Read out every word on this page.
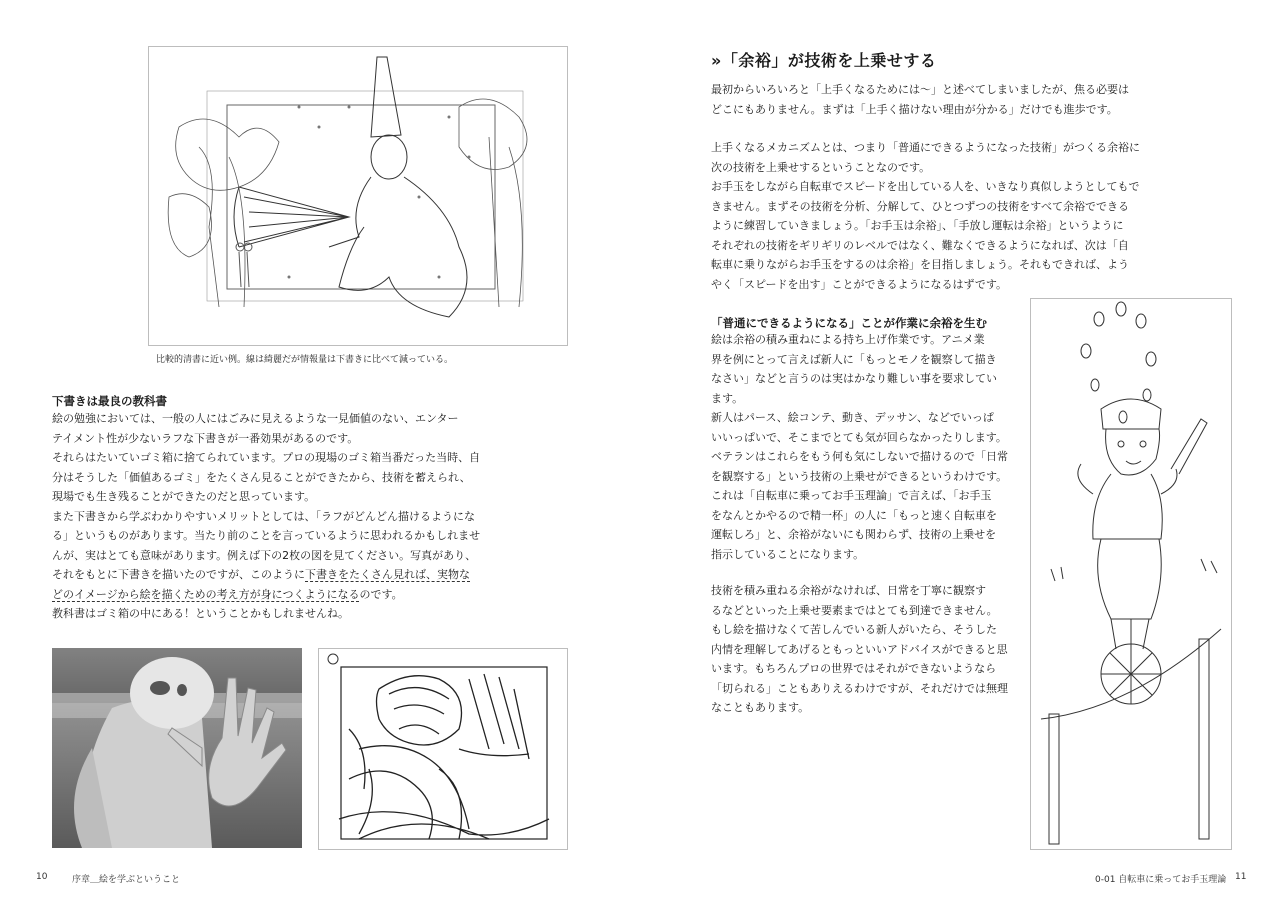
比較的清書に近い例。線は綺麗だが情報量は下書きに比べて減っている。
下書きは最良の教科書

絵の勉強においては、一般の人にはごみに見えるような一見価値のない、エンター

テイメント性が少ないラフな下書きが一番効果があるのです。

それらはたいていゴミ箱に捨てられています。プロの現場のゴミ箱当番だった当時、自

分はそうした「価値あるゴミ」をたくさん見ることができたから、技術を蓄えられ、

現場でも生き残ることができたのだと思っています。

また下書きから学ぶわかりやすいメリットとしては、「ラフがどんどん描けるようにな

る」というものがあります。当たり前のことを言っているように思われるかもしれませ

んが、実はとても意味があります。例えば下の2枚の図を見てください。写真があり、

それをもとに下書きを描いたのですが、このように下書きをたくさん見れば、実物な

どのイメージから絵を描くための考え方が身につくようになるのです。

教科書はゴミ箱の中にある！ということかもしれませんね。

10	序章＿絵を学ぶということ
»「余裕」が技術を上乗せする

最初からいろいろと「上手くなるためには〜」と述べてしまいましたが、焦る必要は

どこにもありません。まずは「上手く描けない理由が分かる」だけでも進歩です。

上手くなるメカニズムとは、つまり「普通にできるようになった技術」がつくる余裕に

次の技術を上乗せするということなのです。

お手玉をしながら自転車でスピードを出している人を、いきなり真似しようとしてもで

きません。まずその技術を分析、分解して、ひとつずつの技術をすべて余裕でできる

ように練習していきましょう。「お手玉は余裕」、「手放し運転は余裕」というように

それぞれの技術をギリギリのレベルではなく、難なくできるようになれば、次は「自

転車に乗りながらお手玉をするのは余裕」を目指しましょう。それもできれば、よう

やく「スピードを出す」ことができるようになるはずです。

「普通にできるようになる」ことが作業に余裕を生む

絵は余裕の積み重ねによる持ち上げ作業です。アニメ業

界を例にとって言えば新人に「もっとモノを観察して描き

なさい」などと言うのは実はかなり難しい事を要求してい

ます。

新人はパース、絵コンテ、動き、デッサン、などでいっぱ

いいっぱいで、そこまでとても気が回らなかったりします。

ベテランはこれらをもう何も気にしないで描けるので「日常

を観察する」という技術の上乗せができるというわけです。

これは「自転車に乗ってお手玉理論」で言えば、「お手玉

をなんとかやるので精一杯」の人に「もっと速く自転車を

運転しろ」と、余裕がないにも関わらず、技術の上乗せを

指示していることになります。

技術を積み重ねる余裕がなければ、日常を丁寧に観察す

るなどといった上乗せ要素まではとても到達できません。

もし絵を描けなくて苦しんでいる新人がいたら、そうした

内情を理解してあげるともっといいアドバイスができると思

います。もちろんプロの世界ではそれができないようなら

「切られる」こともありえるわけですが、それだけでは無理

なこともあります。

0-01 自転車に乗ってお手玉理論 11
